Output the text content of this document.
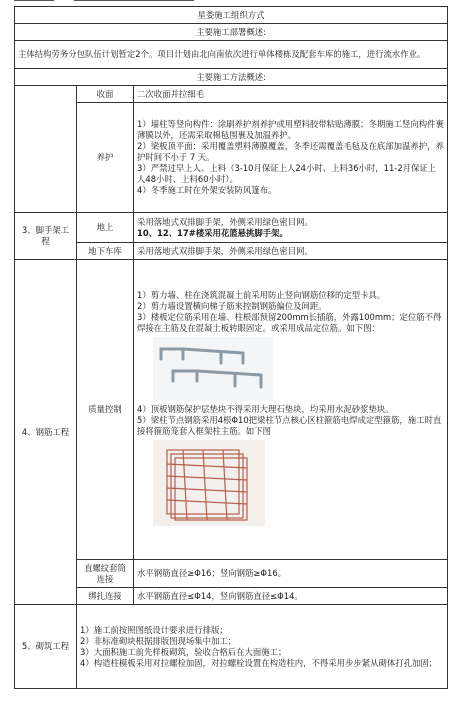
星娄施工组织方式		
主要施工部署概述:		
主体结构劳务分包队伍计划暂定2个。项目计划由北向南依次进行单体楼栋及配套车库的施工，进行流水作业。		
主要施工方法概述:		
	收面	二次收面并拉细毛
	养护	1）墙柱等竖向构件：涂刷养护剂养护或用塑料胶带粘贴薄膜；冬期施工竖向构件裹薄膜以外，还需采取棉毡围裹及加温养护。

2）梁板顶平面：采用覆盖塑料薄膜覆盖，冬季还需覆盖毛毡及在底部加温养护，养护时间不小于 7 天。

3）严禁过早上人、上料（3-10月保证上人24小时、上料36小时，11-2月保证上人48小时、上料60小时）。

4）冬季施工时在外架安装防风篷布。

3、脚手架工程	地上	采用落地式双排脚手架，外侧采用绿色密目网。

10、12、17#楼采用花篮悬挑脚手架。

	地下车库	采用落地式双排脚手架，外侧采用绿色密目网。
4、钢筋工程	质量控制	1）剪力墙、柱在浇筑混凝土前采用防止竖向钢筋位移的定型卡具。

2）剪力墙设置横向梯子筋来控制钢筋偏位及间距。

3）楼板定位筋采用在墙、柱根部预留200mm长插筋，外露100mm；定位筋不得焊接在主筋及在混凝土板转眼固定。或采用成品定位筋。如下图：

4）顶板钢筋保护层垫块不得采用大理石垫块，均采用水泥砂浆垫块。

5）梁柱节点钢筋采用4根Φ10把梁柱节点核心区柱箍筋电焊成定型箍筋，施工时直接将箍筋笼套入框架柱主筋。如下图

	直螺纹套筒连接	水平钢筋直径≥Φ16；竖向钢筋≥Φ16。
	绑扎连接	水平钢筋直径≤Φ14，竖向钢筋直径≤Φ14。
5、砌筑工程	1）施工前按照图纸设计要求进行排版；

2）非标准砌块根据排版图现场集中加工；

3）大面积施工前先样板砌筑，验收合格后在大面施工；

4）构造柱模板采用对拉螺栓加固，对拉螺栓设置在构造柱内，不得采用步步紧从砌体打孔加固；	
